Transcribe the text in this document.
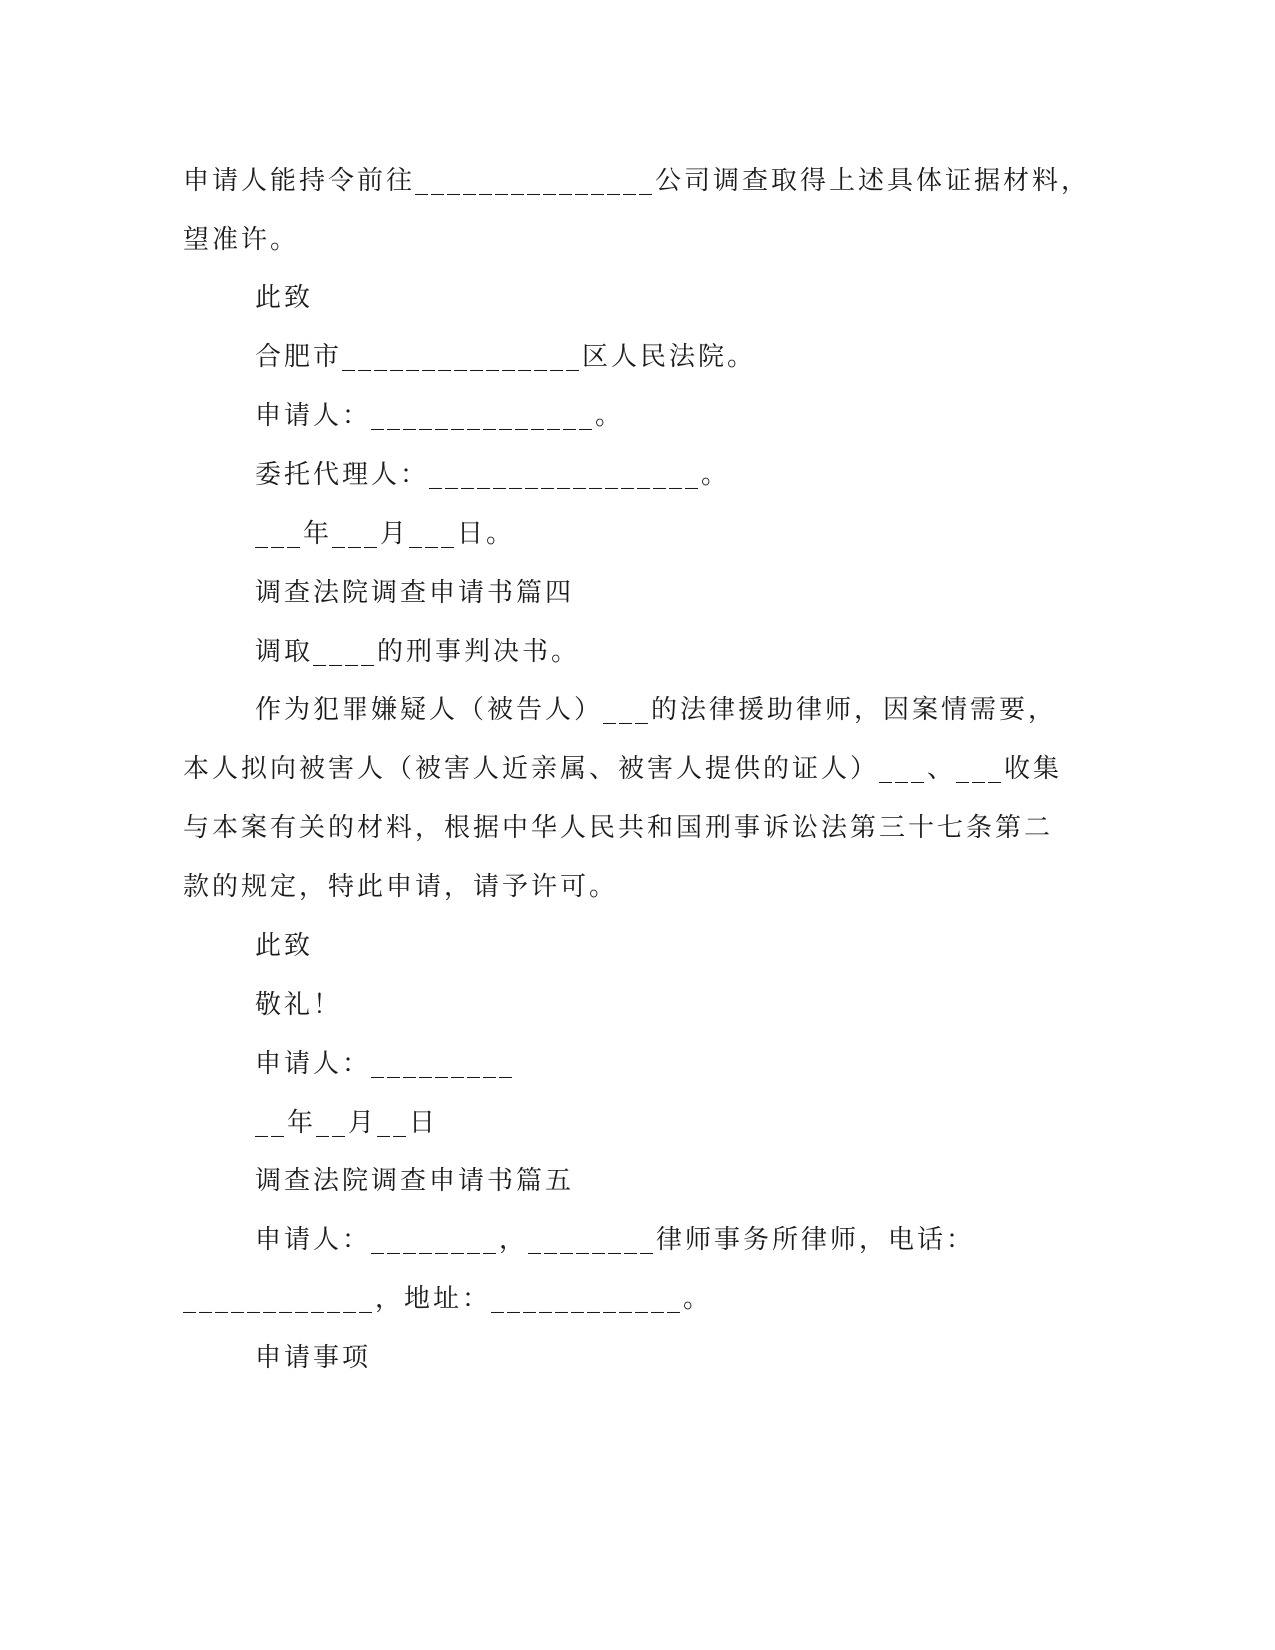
申请人能持令前往_______________公司调查取得上述具体证据材料，
望准许。
此致
合肥市_______________区人民法院。
申请人：______________。
委托代理人：_________________。
___年___月___日。
调查法院调查申请书篇四
调取____的刑事判决书。
作为犯罪嫌疑人（被告人）___的法律援助律师，因案情需要，
本人拟向被害人（被害人近亲属、被害人提供的证人）___、___收集
与本案有关的材料，根据中华人民共和国刑事诉讼法第三十七条第二
款的规定，特此申请，请予许可。
此致
敬礼！
申请人：_________
__年__月__日
调查法院调查申请书篇五
申请人：________，________律师事务所律师，电话：
____________，地址：____________。
申请事项
